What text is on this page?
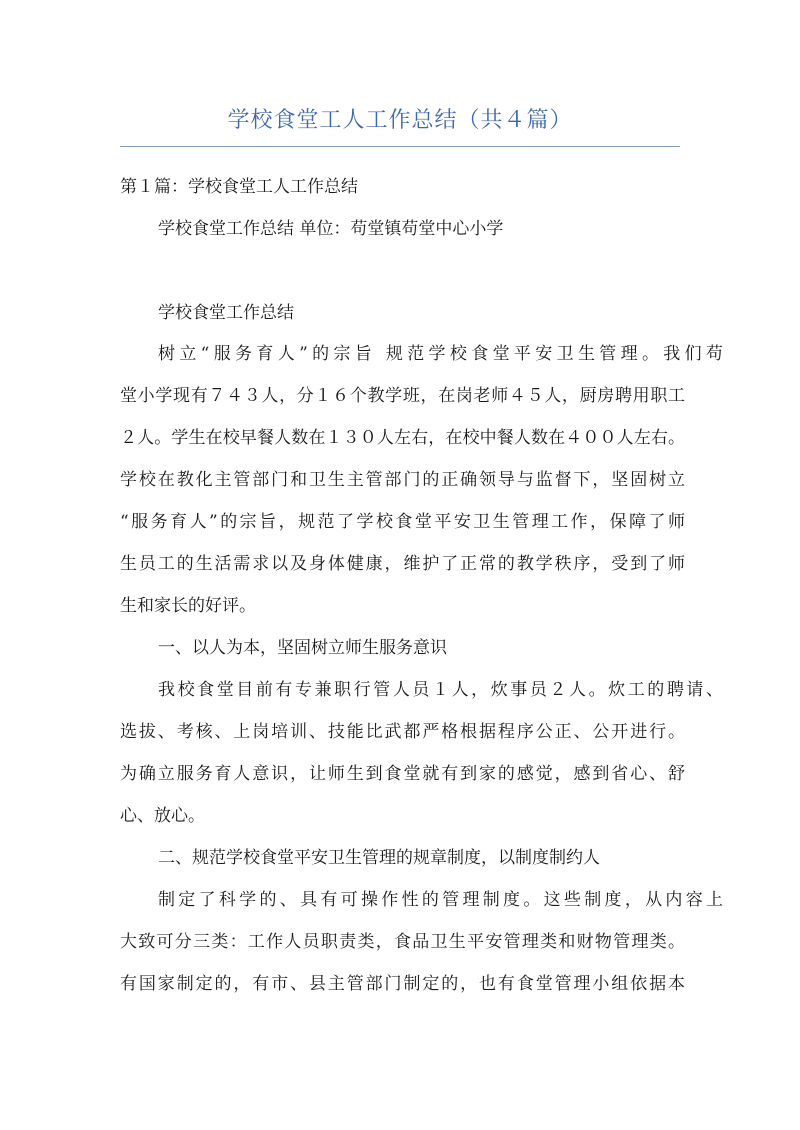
学校食堂工人工作总结（共４篇）
第１篇：学校食堂工人工作总结
学校食堂工作总结 单位：苟堂镇苟堂中心小学
学校食堂工作总结
树立“服务育人”的宗旨 规范学校食堂平安卫生管理。我们苟
堂小学现有７４３人，分１６个教学班，在岗老师４５人，厨房聘用职工
２人。学生在校早餐人数在１３０人左右，在校中餐人数在４００人左右。
学校在教化主管部门和卫生主管部门的正确领导与监督下，坚固树立
“服务育人”的宗旨，规范了学校食堂平安卫生管理工作，保障了师
生员工的生活需求以及身体健康，维护了正常的教学秩序，受到了师
生和家长的好评。
一、以人为本，坚固树立师生服务意识
我校食堂目前有专兼职行管人员１人，炊事员２人。炊工的聘请、
选拔、考核、上岗培训、技能比武都严格根据程序公正、公开进行。
为确立服务育人意识，让师生到食堂就有到家的感觉，感到省心、舒
心、放心。
二、规范学校食堂平安卫生管理的规章制度，以制度制约人
制定了科学的、具有可操作性的管理制度。这些制度，从内容上
大致可分三类：工作人员职责类，食品卫生平安管理类和财物管理类。
有国家制定的，有市、县主管部门制定的，也有食堂管理小组依据本
